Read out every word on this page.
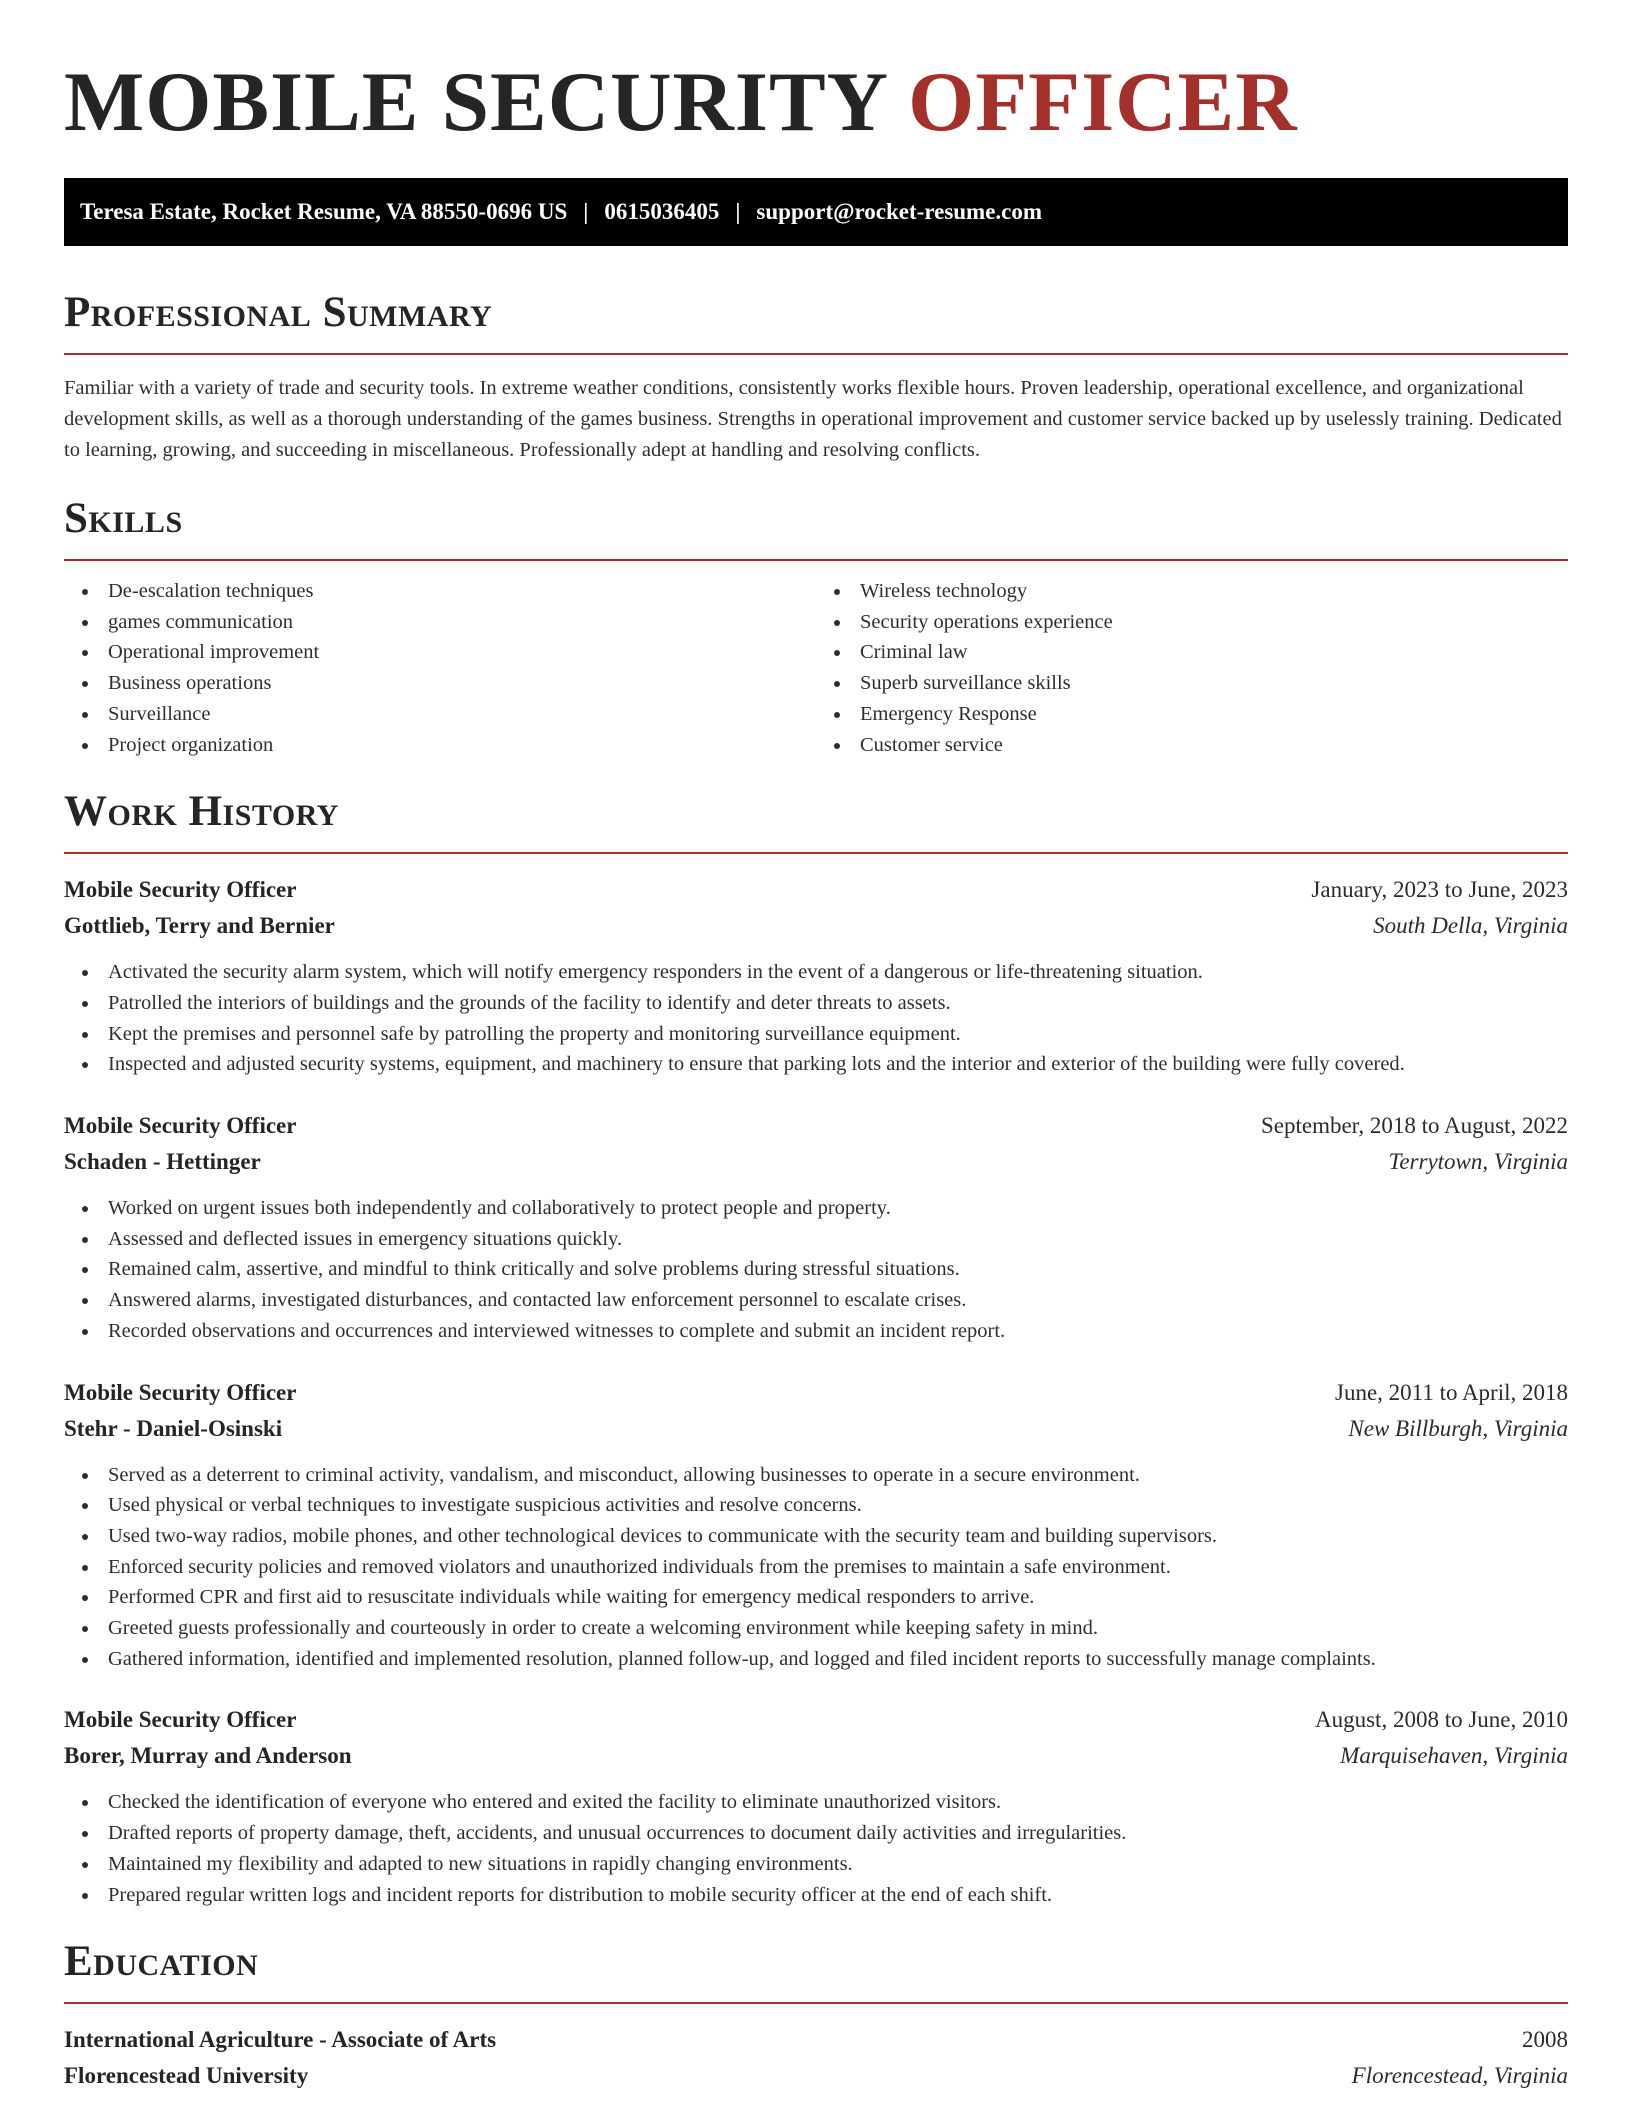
MOBILE SECURITY OFFICER
Teresa Estate, Rocket Resume, VA 88550-0696 US | 0615036405 | support@rocket-resume.com
Professional Summary

Familiar with a variety of trade and security tools. In extreme weather conditions, consistently works flexible hours. Proven leadership, operational excellence, and organizational development skills, as well as a thorough understanding of the games business. Strengths in operational improvement and customer service backed up by uselessly training. Dedicated to learning, growing, and succeeding in miscellaneous. Professionally adept at handling and resolving conflicts.

Skills
De-escalation techniques
games communication
Operational improvement
Business operations
Surveillance
Project organization
Wireless technology
Security operations experience
Criminal law
Superb surveillance skills
Emergency Response
Customer service
Work History
Mobile Security Officer	January, 2023 to June, 2023
Gottlieb, Terry and Bernier	South Della, Virginia
Activated the security alarm system, which will notify emergency responders in the event of a dangerous or life-threatening situation.
Patrolled the interiors of buildings and the grounds of the facility to identify and deter threats to assets.
Kept the premises and personnel safe by patrolling the property and monitoring surveillance equipment.
Inspected and adjusted security systems, equipment, and machinery to ensure that parking lots and the interior and exterior of the building were fully covered.
Mobile Security Officer	September, 2018 to August, 2022
Schaden - Hettinger	Terrytown, Virginia
Worked on urgent issues both independently and collaboratively to protect people and property.
Assessed and deflected issues in emergency situations quickly.
Remained calm, assertive, and mindful to think critically and solve problems during stressful situations.
Answered alarms, investigated disturbances, and contacted law enforcement personnel to escalate crises.
Recorded observations and occurrences and interviewed witnesses to complete and submit an incident report.
Mobile Security Officer	June, 2011 to April, 2018
Stehr - Daniel-Osinski	New Billburgh, Virginia
Served as a deterrent to criminal activity, vandalism, and misconduct, allowing businesses to operate in a secure environment.
Used physical or verbal techniques to investigate suspicious activities and resolve concerns.
Used two-way radios, mobile phones, and other technological devices to communicate with the security team and building supervisors.
Enforced security policies and removed violators and unauthorized individuals from the premises to maintain a safe environment.
Performed CPR and first aid to resuscitate individuals while waiting for emergency medical responders to arrive.
Greeted guests professionally and courteously in order to create a welcoming environment while keeping safety in mind.
Gathered information, identified and implemented resolution, planned follow-up, and logged and filed incident reports to successfully manage complaints.
Mobile Security Officer	August, 2008 to June, 2010
Borer, Murray and Anderson	Marquisehaven, Virginia
Checked the identification of everyone who entered and exited the facility to eliminate unauthorized visitors.
Drafted reports of property damage, theft, accidents, and unusual occurrences to document daily activities and irregularities.
Maintained my flexibility and adapted to new situations in rapidly changing environments.
Prepared regular written logs and incident reports for distribution to mobile security officer at the end of each shift.
Education
International Agriculture - Associate of Arts	2008
Florencestead University	Florencestead, Virginia
